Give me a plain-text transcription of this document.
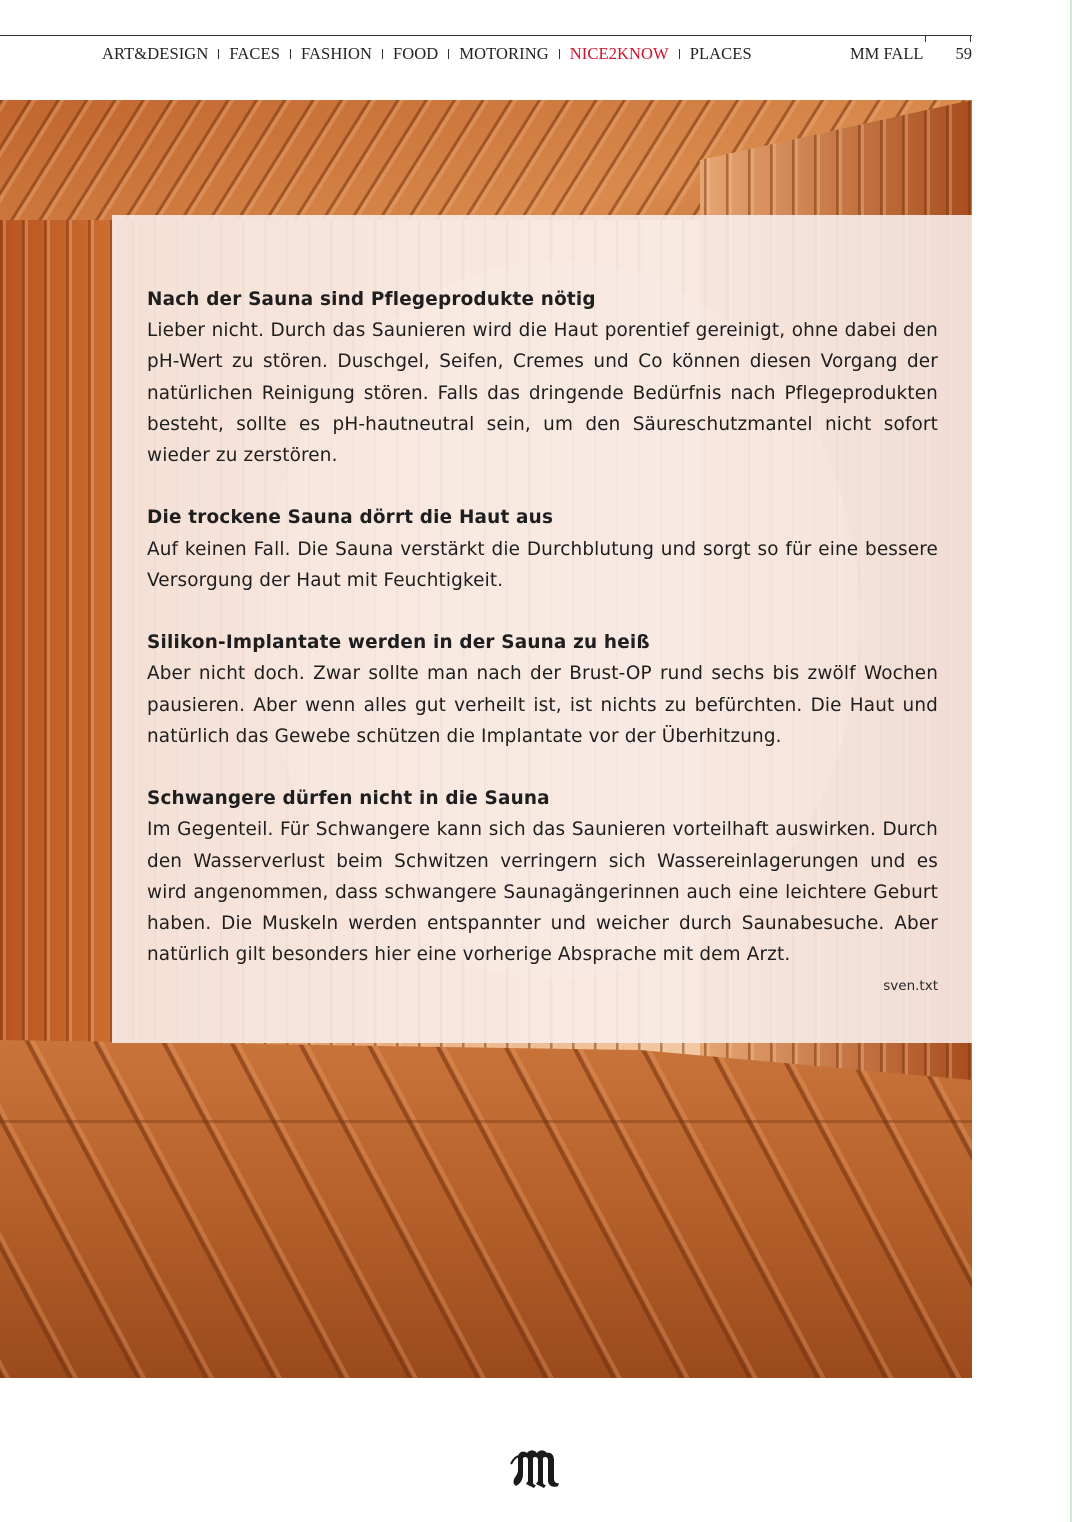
ART&DESIGN FACES FASHION FOOD MOTORING NICE2KNOW PLACES	MM FALL 59
Nach der Sauna sind Pflegeprodukte nötig

Lieber nicht. Durch das Saunieren wird die Haut porentief gereinigt, ohne dabei den pH-Wert zu stören. Duschgel, Seifen, Cremes und Co können diesen Vorgang der natürlichen Reinigung stören. Falls das dringende Bedürfnis nach Pflegeprodukten besteht, sollte es pH-hautneutral sein, um den Säureschutzmantel nicht sofort wieder zu zerstören.

Die trockene Sauna dörrt die Haut aus

Auf keinen Fall. Die Sauna verstärkt die Durchblutung und sorgt so für eine bessere Versorgung der Haut mit Feuchtigkeit.

Silikon-Implantate werden in der Sauna zu heiß

Aber nicht doch. Zwar sollte man nach der Brust-OP rund sechs bis zwölf Wochen pausieren. Aber wenn alles gut verheilt ist, ist nichts zu befürchten. Die Haut und natürlich das Gewebe schützen die Implantate vor der Überhitzung.

Schwangere dürfen nicht in die Sauna

Im Gegenteil. Für Schwangere kann sich das Saunieren vorteilhaft auswirken. Durch den Wasserverlust beim Schwitzen verringern sich Wassereinlagerungen und es wird angenommen, dass schwangere Saunagängerinnen auch eine leichtere Geburt haben. Die Muskeln werden entspannter und weicher durch Saunabesuche. Aber natürlich gilt besonders hier eine vorherige Absprache mit dem Arzt.

sven.txt
